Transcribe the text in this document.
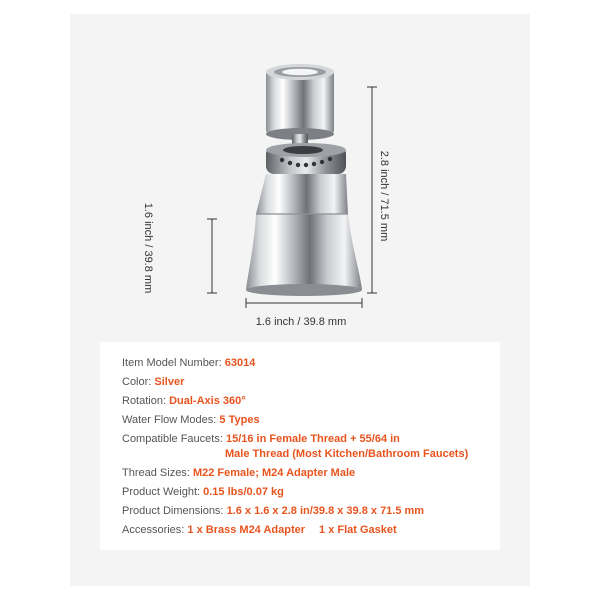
1.6 inch / 39.8 mm
1.6 inch / 39.8 mm
2.8 inch / 71.5 mm
Item Model Number: 63014
Color: Silver
Rotation: Dual-Axis 360°
Water Flow Modes: 5 Types
Compatible Faucets: 15/16 in Female Thread + 55/64 in
Male Thread (Most Kitchen/Bathroom Faucets)
Thread Sizes: M22 Female; M24 Adapter Male
Product Weight: 0.15 lbs/0.07 kg
Product Dimensions: 1.6 x 1.6 x 2.8 in/39.8 x 39.8 x 71.5 mm
Accessories: 1 x Brass M24 Adapter 1 x Flat Gasket
